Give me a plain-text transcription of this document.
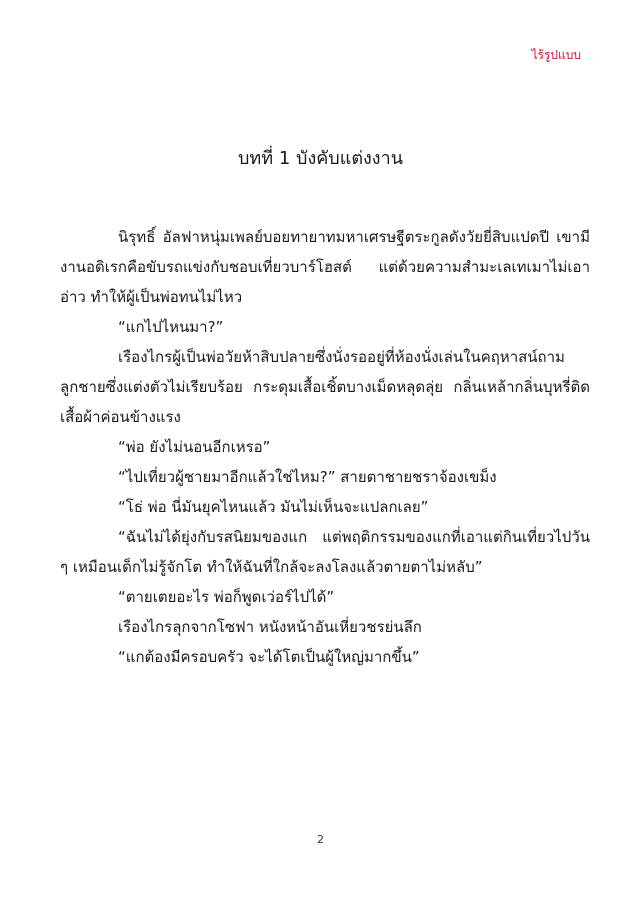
ไร้รูปแบบ
บทที่ 1 บังคับแต่งงาน

นิรุทธิ์ อัลฟาหนุ่มเพลย์บอยทายาทมหาเศรษฐีตระกูลดังวัยยี่สิบแปดปี เขามีงานอดิเรกคือขับรถแข่งกับชอบเที่ยวบาร์โฮสต์ แต่ด้วยความสำมะเลเทเมาไม่เอาอ่าว ทำให้ผู้เป็นพ่อทนไม่ไหว

“แกไปไหนมา?”

เรืองไกรผู้เป็นพ่อวัยห้าสิบปลายซึ่งนั่งรออยู่ที่ห้องนั่งเล่นในคฤหาสน์ถามลูกชายซึ่งแต่งตัวไม่เรียบร้อย กระดุมเสื้อเชิ้ตบางเม็ดหลุดลุ่ย กลิ่นเหล้ากลิ่นบุหรี่ติดเสื้อผ้าค่อนข้างแรง

“พ่อ ยังไม่นอนอีกเหรอ”

“ไปเที่ยวผู้ชายมาอีกแล้วใช่ไหม?” สายตาชายชราจ้องเขม็ง

“โธ่ พ่อ นี่มันยุคไหนแล้ว มันไม่เห็นจะแปลกเลย”

“ฉันไม่ได้ยุ่งกับรสนิยมของแก แต่พฤติกรรมของแกที่เอาแต่กินเที่ยวไปวัน ๆ เหมือนเด็กไม่รู้จักโต ทำให้ฉันที่ใกล้จะลงโลงแล้วตายตาไม่หลับ”

“ตายเตยอะไร พ่อก็พูดเว่อร์ไปได้”

เรืองไกรลุกจากโซฟา หนังหน้าอันเหี่ยวชรย่นลึก

“แกต้องมีครอบครัว จะได้โตเป็นผู้ใหญ่มากขึ้น”

2
